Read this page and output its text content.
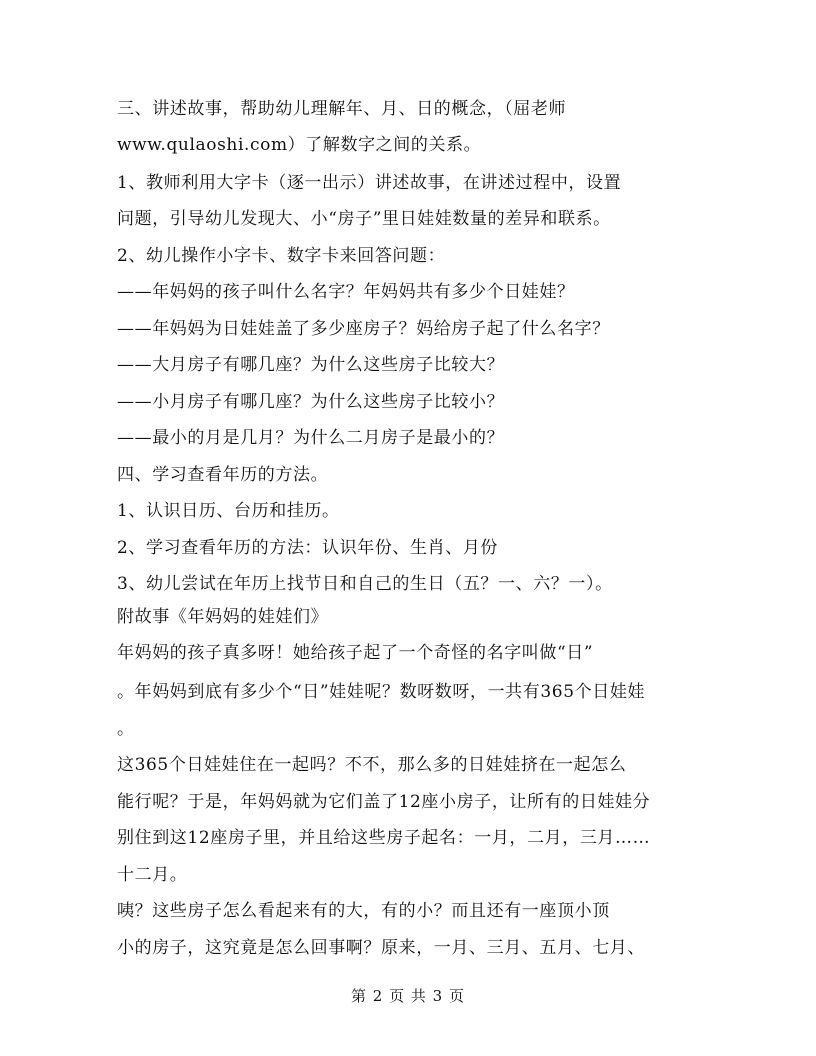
三、讲述故事，帮助幼儿理解年、月、日的概念，（屈老师
www.qulaoshi.com）了解数字之间的关系。
1、教师利用大字卡（逐一出示）讲述故事，在讲述过程中，设置
问题，引导幼儿发现大、小“房子”里日娃娃数量的差异和联系。
2、幼儿操作小字卡、数字卡来回答问题：
——年妈妈的孩子叫什么名字？年妈妈共有多少个日娃娃？
——年妈妈为日娃娃盖了多少座房子？妈给房子起了什么名字？
——大月房子有哪几座？为什么这些房子比较大？
——小月房子有哪几座？为什么这些房子比较小？
——最小的月是几月？为什么二月房子是最小的？
四、学习查看年历的方法。
1、认识日历、台历和挂历。
2、学习查看年历的方法：认识年份、生肖、月份
3、幼儿尝试在年历上找节日和自己的生日（五？一、六？一）。
附故事《年妈妈的娃娃们》
年妈妈的孩子真多呀！她给孩子起了一个奇怪的名字叫做“日”
。年妈妈到底有多少个“日”娃娃呢？数呀数呀，一共有365个日娃娃
。
这365个日娃娃住在一起吗？不不，那么多的日娃娃挤在一起怎么
能行呢？于是，年妈妈就为它们盖了12座小房子，让所有的日娃娃分
别住到这12座房子里，并且给这些房子起名：一月，二月，三月……
十二月。
咦？这些房子怎么看起来有的大，有的小？而且还有一座顶小顶
小的房子，这究竟是怎么回事啊？原来，一月、三月、五月、七月、
第 2 页 共 3 页
